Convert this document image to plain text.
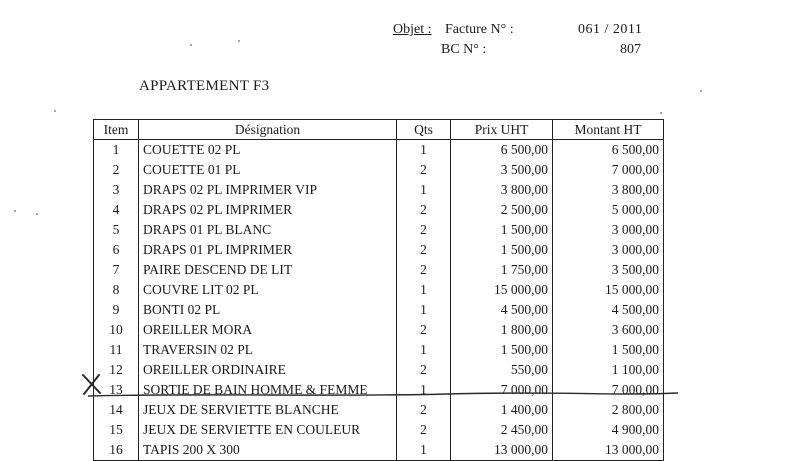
Objet : Facture N° :	061 / 2011
BC N° :	807
APPARTEMENT F3
Item	Désignation	Qts	Prix UHT	Montant HT
1	COUETTE 02 PL	1	6 500,00	6 500,00
2	COUETTE 01 PL	2	3 500,00	7 000,00
3	DRAPS 02 PL IMPRIMER VIP	1	3 800,00	3 800,00
4	DRAPS 02 PL IMPRIMER	2	2 500,00	5 000,00
5	DRAPS 01 PL BLANC	2	1 500,00	3 000,00
6	DRAPS 01 PL IMPRIMER	2	1 500,00	3 000,00
7	PAIRE DESCEND DE LIT	2	1 750,00	3 500,00
8	COUVRE LIT 02 PL	1	15 000,00	15 000,00
9	BONTI 02 PL	1	4 500,00	4 500,00
10	OREILLER MORA	2	1 800,00	3 600,00
11	TRAVERSIN 02 PL	1	1 500,00	1 500,00
12	OREILLER ORDINAIRE	2	550,00	1 100,00
13	SORTIE DE BAIN HOMME & FEMME	1	7 000,00	7 000,00
14	JEUX DE SERVIETTE BLANCHE	2	1 400,00	2 800,00
15	JEUX DE SERVIETTE EN COULEUR	2	2 450,00	4 900,00
16	TAPIS 200 X 300	1	13 000,00	13 000,00
